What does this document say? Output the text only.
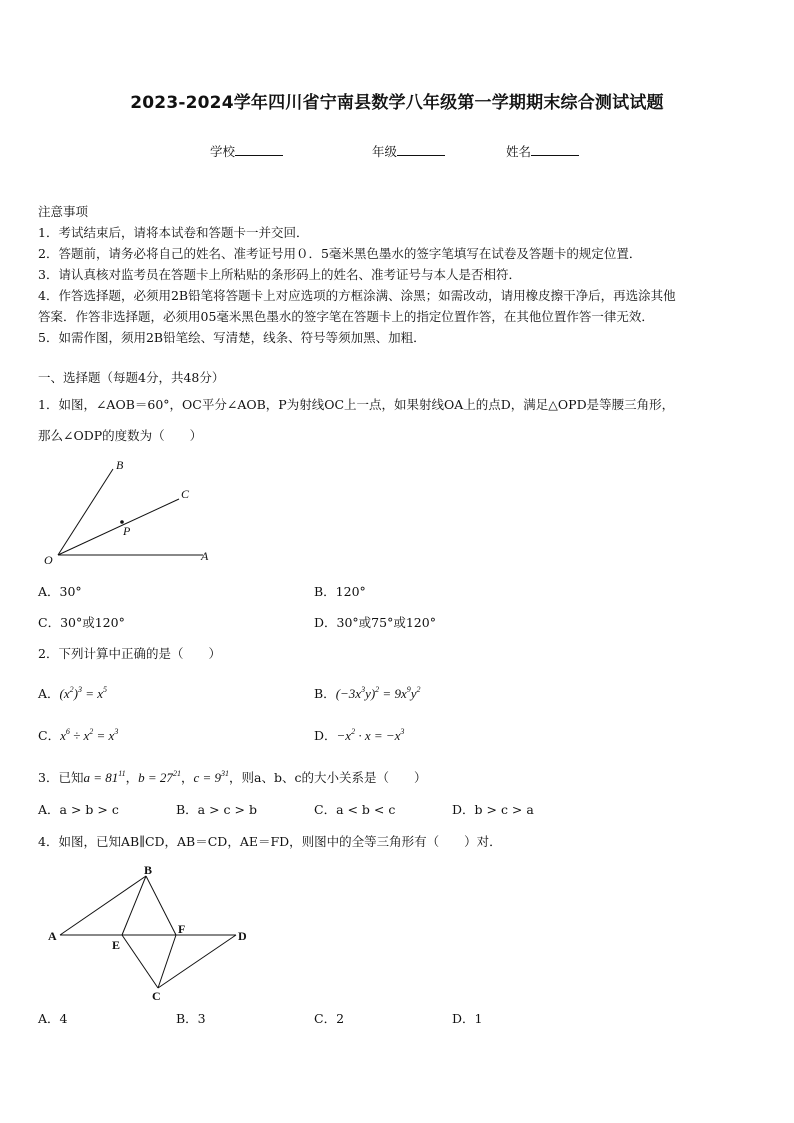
2023-2024学年四川省宁南县数学八年级第一学期期末综合测试试题
学校	年级	姓名
注意事项
1．考试结束后，请将本试卷和答题卡一并交回．
2．答题前，请务必将自己的姓名、准考证号用０．5毫米黑色墨水的签字笔填写在试卷及答题卡的规定位置．
3．请认真核对监考员在答题卡上所粘贴的条形码上的姓名、准考证号与本人是否相符．
4．作答选择题，必须用2B铅笔将答题卡上对应选项的方框涂满、涂黑；如需改动，请用橡皮擦干净后，再选涂其他
答案．作答非选择题，必须用05毫米黑色墨水的签字笔在答题卡上的指定位置作答，在其他位置作答一律无效．
5．如需作图，须用2B铅笔绘、写清楚，线条、符号等须加黑、加粗．
一、选择题（每题4分，共48分）
1．如图，∠AOB＝60°，OC平分∠AOB，P为射线OC上一点，如果射线OA上的点D，满足△OPD是等腰三角形，
那么∠ODP的度数为（　　）
B
C
P
O	A
A．30°	B．120°
C．30°或120°	D．30°或75°或120°
2．下列计算中正确的是（　　）
A．$(x^2)^3 = x^5$	B．$(-3x^3y)^2 = 9x^9y^2$
C．$x^6 \div x^2 = x^3$	D．$-x^2 \cdot x = -x^3$
3．已知$a = 81^{11}$，$b = 27^{21}$，$c = 9^{31}$，则a、b、c的大小关系是（　　）
A．a > b > c	B．a > c > b	C．a < b < c	D．b > c > a
4．如图，已知AB∥CD，AB＝CD，AE＝FD，则图中的全等三角形有（　　）对．
A
B
C
D
E
F
A．4	B．3	C．2	D．1
